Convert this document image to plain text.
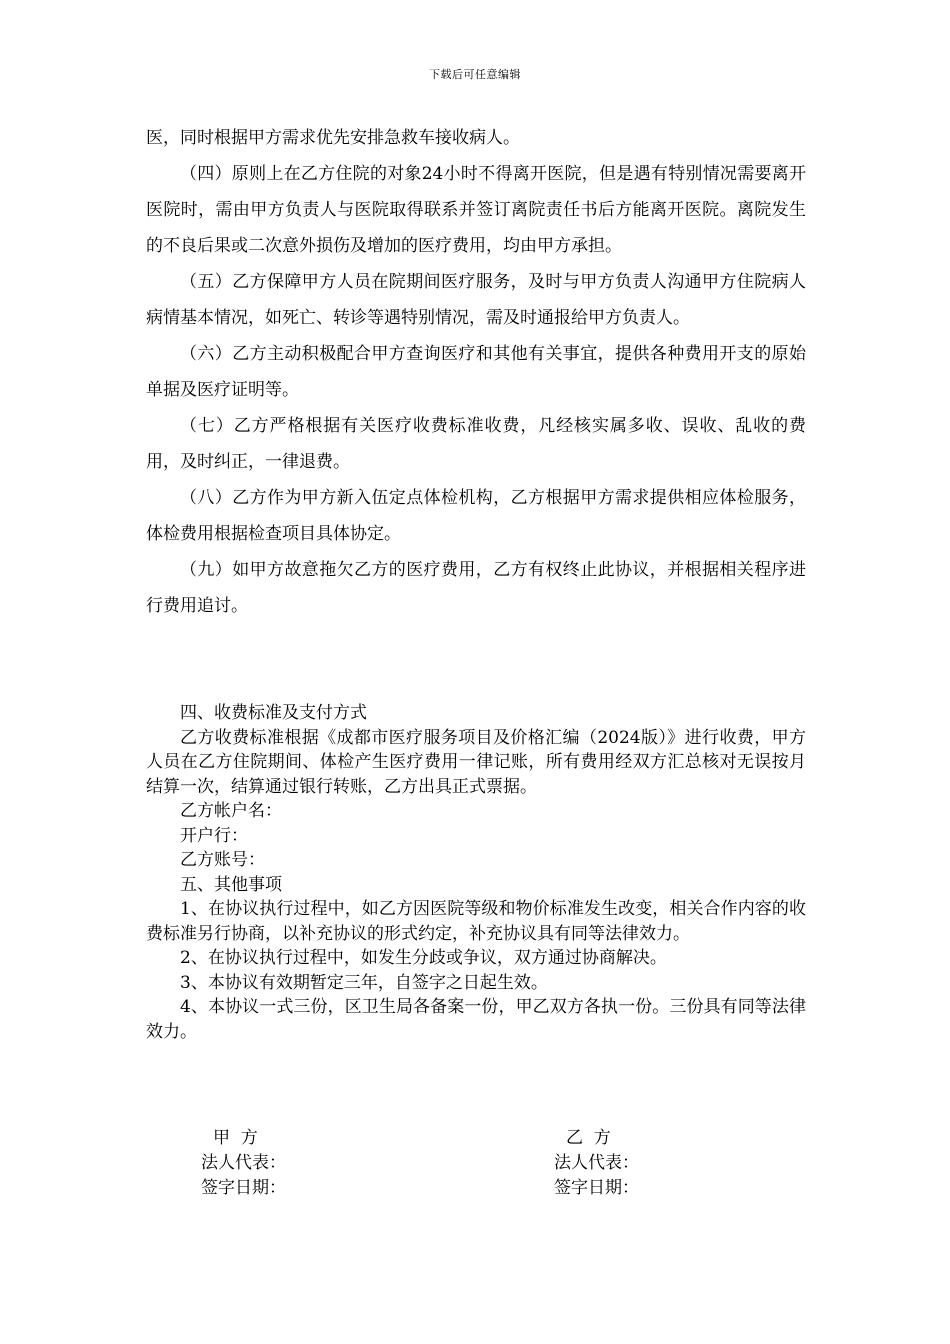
下载后可任意编辑

医，同时根据甲方需求优先安排急救车接收病人。

（四）原则上在乙方住院的对象24小时不得离开医院，但是遇有特别情况需要离开医院时，需由甲方负责人与医院取得联系并签订离院责任书后方能离开医院。离院发生的不良后果或二次意外损伤及增加的医疗费用，均由甲方承担。

（五）乙方保障甲方人员在院期间医疗服务，及时与甲方负责人沟通甲方住院病人病情基本情况，如死亡、转诊等遇特别情况，需及时通报给甲方负责人。

（六）乙方主动积极配合甲方查询医疗和其他有关事宜，提供各种费用开支的原始单据及医疗证明等。

（七）乙方严格根据有关医疗收费标准收费，凡经核实属多收、误收、乱收的费用，及时纠正，一律退费。

（八）乙方作为甲方新入伍定点体检机构，乙方根据甲方需求提供相应体检服务，体检费用根据检查项目具体协定。

（九）如甲方故意拖欠乙方的医疗费用，乙方有权终止此协议，并根据相关程序进行费用追讨。

四、收费标准及支付方式

乙方收费标准根据《成都市医疗服务项目及价格汇编（2024版）》进行收费，甲方人员在乙方住院期间、体检产生医疗费用一律记账，所有费用经双方汇总核对无误按月结算一次，结算通过银行转账，乙方出具正式票据。

乙方帐户名：

开户行：

乙方账号：

五、其他事项

1、在协议执行过程中，如乙方因医院等级和物价标准发生改变，相关合作内容的收费标准另行协商，以补充协议的形式约定，补充协议具有同等法律效力。

2、在协议执行过程中，如发生分歧或争议，双方通过协商解决。

3、本协议有效期暂定三年，自签字之日起生效。

4、本协议一式三份，区卫生局各备案一份，甲乙双方各执一份。三份具有同等法律效力。

甲  方
法人代表：
签字日期：
乙  方
法人代表：
签字日期：
